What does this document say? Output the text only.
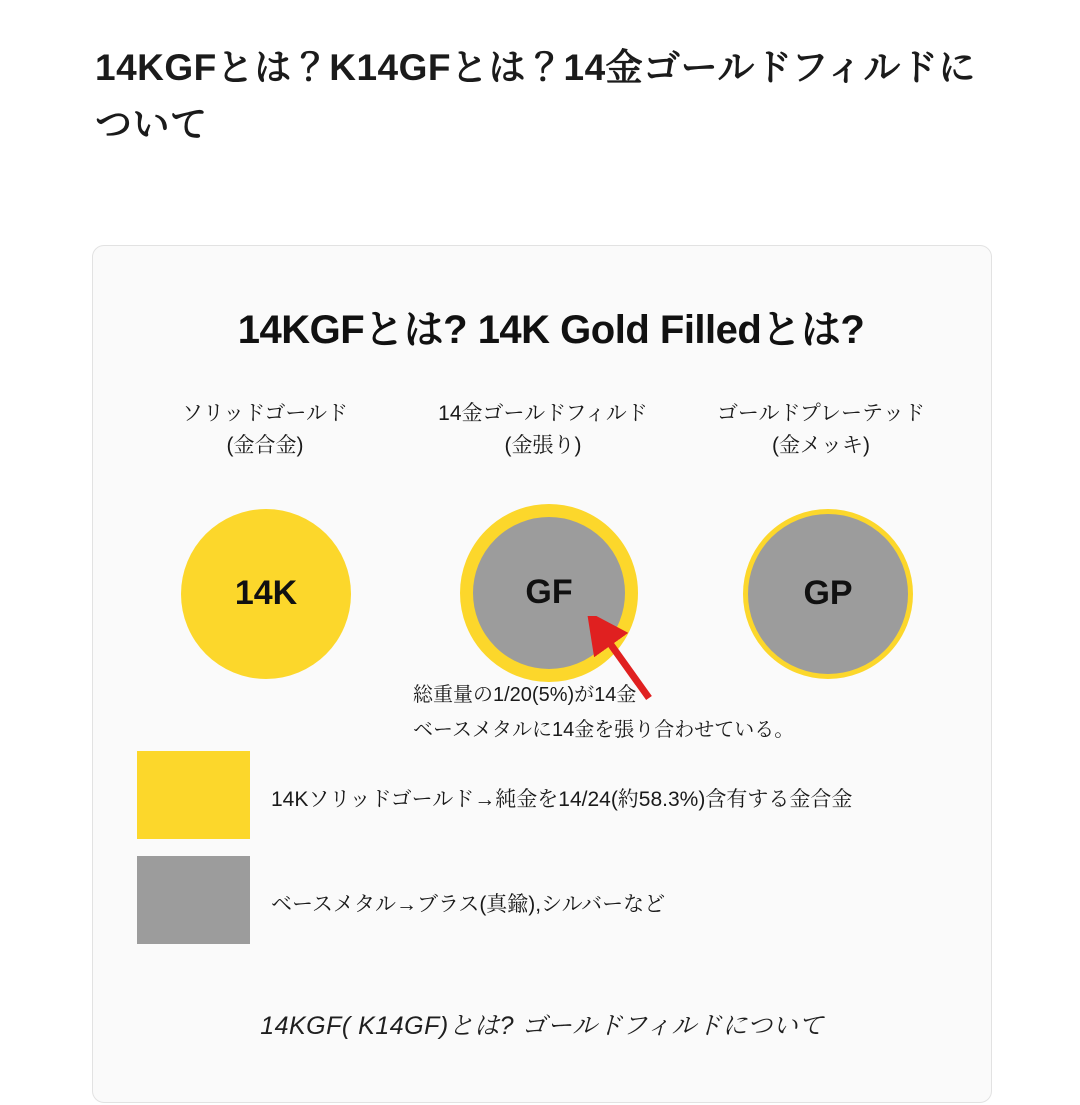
14KGFとは？K14GFとは？14金ゴールドフィルドについて
14KGFとは? 14K Gold Filledとは?
ソリッドゴールド
(金合金)
14金ゴールドフィルド
(金張り)
ゴールドプレーテッド
(金メッキ)
14K	GF	GP
総重量の1/20(5%)が14金
ベースメタルに14金を張り合わせている。
14Kソリッドゴールド→純金を14/24(約58.3%)含有する金合金
ベースメタル→ブラス(真鍮),シルバーなど
14KGF( K14GF)とは? ゴールドフィルドについて
